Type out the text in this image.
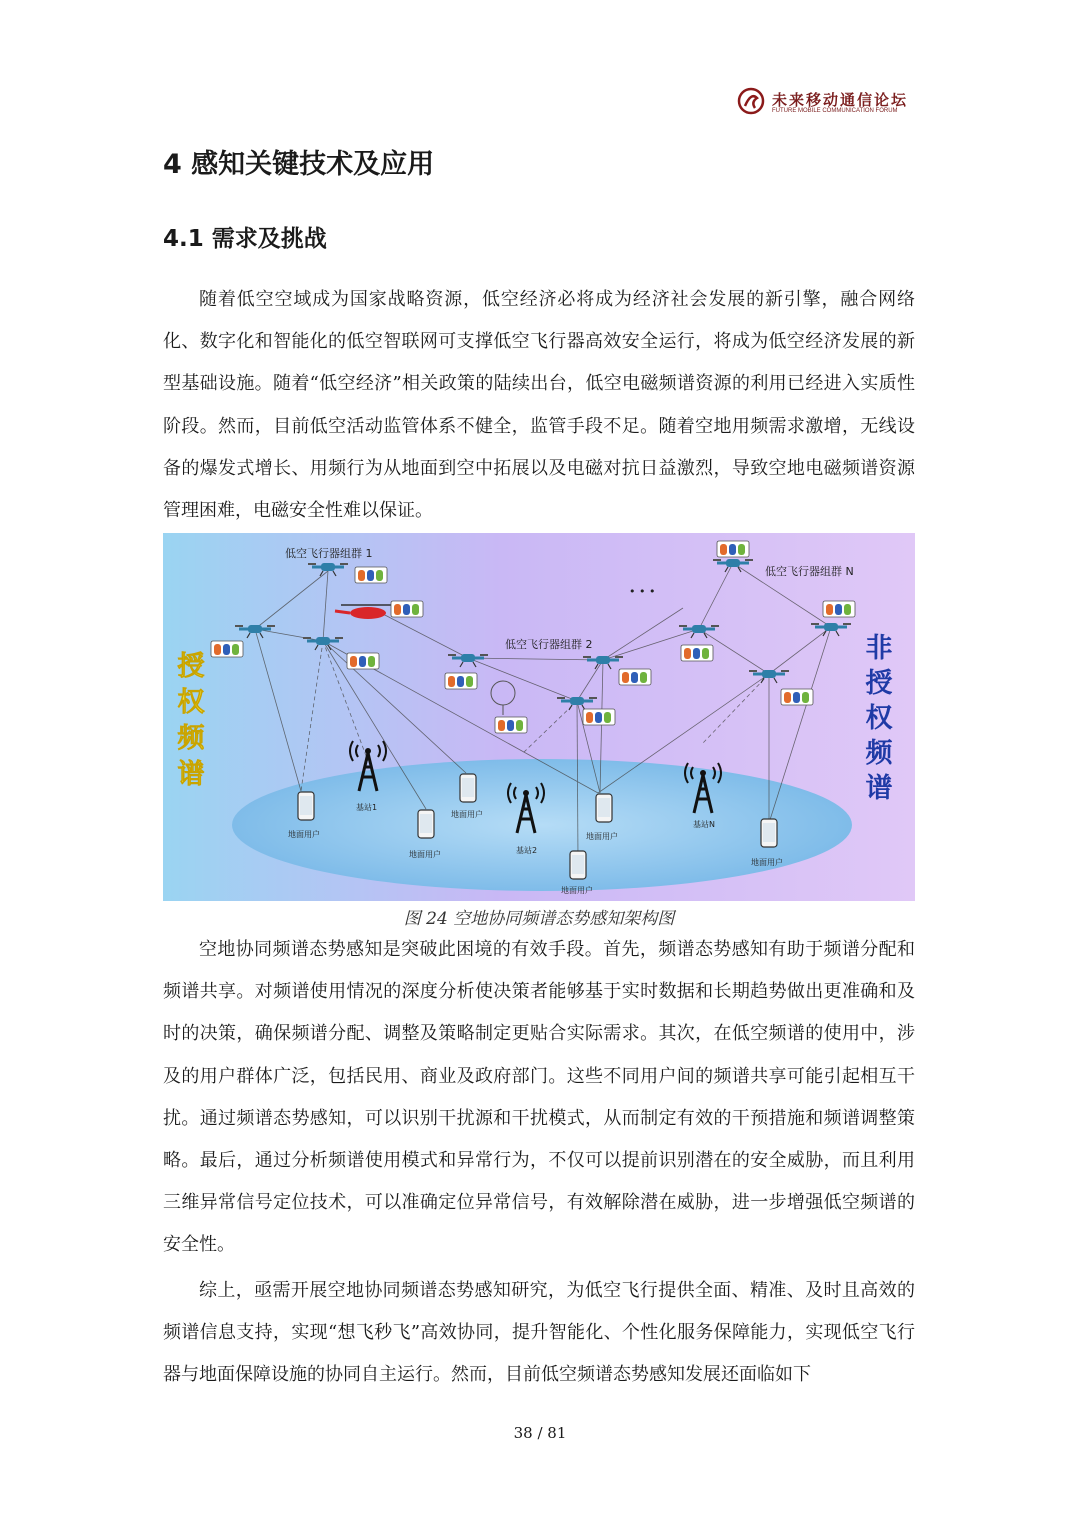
未来移动通信论坛
FUTURE MOBILE COMMUNICATION FORUM
4 感知关键技术及应用
4.1 需求及挑战

随着低空空域成为国家战略资源，低空经济必将成为经济社会发展的新引擎，融合网络化、数字化和智能化的低空智联网可支撑低空飞行器高效安全运行，将成为低空经济发展的新型基础设施。随着“低空经济”相关政策的陆续出台，低空电磁频谱资源的利用已经进入实质性阶段。然而，目前低空活动监管体系不健全，监管手段不足。随着空地用频需求激增，无线设备的爆发式增长、用频行为从地面到空中拓展以及电磁对抗日益激烈，导致空地电磁频谱资源管理困难，电磁安全性难以保证。

低空飞行器组群 1
低空飞行器组群 2
低空飞行器组群 N
• • •
基站1
基站2
基站N
地面用户
地面用户
地面用户
地面用户
地面用户
地面用户
授
权
频
谱
非
授
权
频
谱
图 24 空地协同频谱态势感知架构图

空地协同频谱态势感知是突破此困境的有效手段。首先，频谱态势感知有助于频谱分配和频谱共享。对频谱使用情况的深度分析使决策者能够基于实时数据和长期趋势做出更准确和及时的决策，确保频谱分配、调整及策略制定更贴合实际需求。其次，在低空频谱的使用中，涉及的用户群体广泛，包括民用、商业及政府部门。这些不同用户间的频谱共享可能引起相互干扰。通过频谱态势感知，可以识别干扰源和干扰模式，从而制定有效的干预措施和频谱调整策略。最后，通过分析频谱使用模式和异常行为，不仅可以提前识别潜在的安全威胁，而且利用三维异常信号定位技术，可以准确定位异常信号，有效解除潜在威胁，进一步增强低空频谱的安全性。

综上，亟需开展空地协同频谱态势感知研究，为低空飞行提供全面、精准、及时且高效的频谱信息支持，实现“想飞秒飞”高效协同，提升智能化、个性化服务保障能力，实现低空飞行器与地面保障设施的协同自主运行。然而，目前低空频谱态势感知发展还面临如下

38 / 81
